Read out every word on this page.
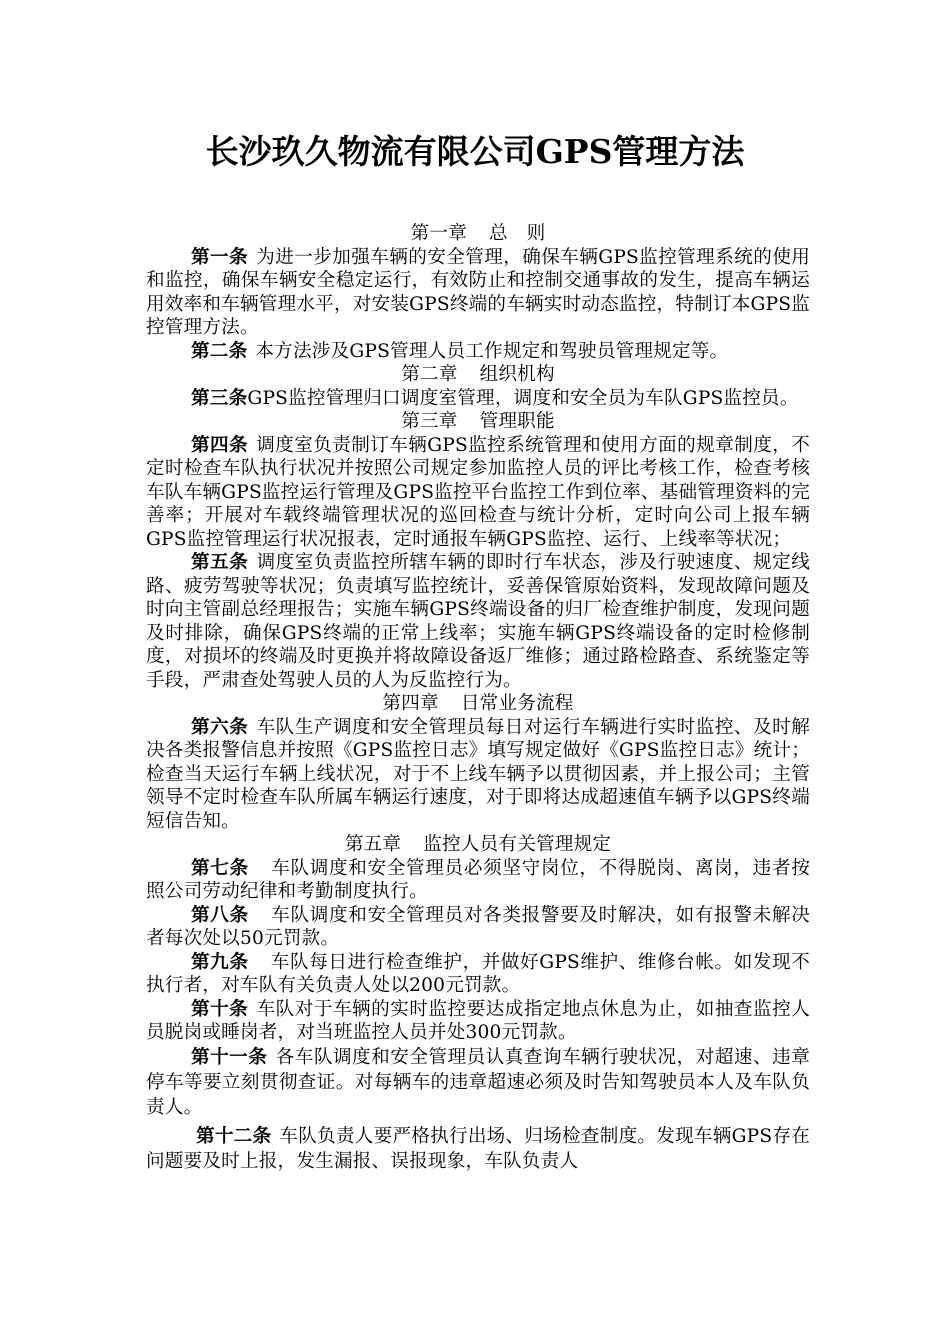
长沙玖久物流有限公司GPS管理方法

第一章 总　则

第一条 为进一步加强车辆的安全管理，确保车辆GPS监控管理系统的使用和监控，确保车辆安全稳定运行，有效防止和控制交通事故的发生，提高车辆运用效率和车辆管理水平，对安装GPS终端的车辆实时动态监控，特制订本GPS监控管理方法。

第二条 本方法涉及GPS管理人员工作规定和驾驶员管理规定等。

第二章 组织机构

第三条GPS监控管理归口调度室管理，调度和安全员为车队GPS监控员。

第三章 管理职能

第四条 调度室负责制订车辆GPS监控系统管理和使用方面的规章制度，不定时检查车队执行状况并按照公司规定参加监控人员的评比考核工作，检查考核车队车辆GPS监控运行管理及GPS监控平台监控工作到位率、基础管理资料的完善率；开展对车载终端管理状况的巡回检查与统计分析，定时向公司上报车辆GPS监控管理运行状况报表，定时通报车辆GPS监控、运行、上线率等状况；

第五条 调度室负责监控所辖车辆的即时行车状态，涉及行驶速度、规定线路、疲劳驾驶等状况；负责填写监控统计，妥善保管原始资料，发现故障问题及时向主管副总经理报告；实施车辆GPS终端设备的归厂检查维护制度，发现问题及时排除，确保GPS终端的正常上线率；实施车辆GPS终端设备的定时检修制度，对损坏的终端及时更换并将故障设备返厂维修；通过路检路查、系统鉴定等手段，严肃查处驾驶人员的人为反监控行为。

第四章 日常业务流程

第六条 车队生产调度和安全管理员每日对运行车辆进行实时监控、及时解决各类报警信息并按照《GPS监控日志》填写规定做好《GPS监控日志》统计；检查当天运行车辆上线状况，对于不上线车辆予以贯彻因素，并上报公司；主管领导不定时检查车队所属车辆运行速度，对于即将达成超速值车辆予以GPS终端短信告知。

第五章 监控人员有关管理规定

第七条 车队调度和安全管理员必须坚守岗位，不得脱岗、离岗，违者按照公司劳动纪律和考勤制度执行。

第八条 车队调度和安全管理员对各类报警要及时解决，如有报警未解决者每次处以50元罚款。

第九条 车队每日进行检查维护，并做好GPS维护、维修台帐。如发现不执行者，对车队有关负责人处以200元罚款。

第十条 车队对于车辆的实时监控要达成指定地点休息为止，如抽查监控人员脱岗或睡岗者，对当班监控人员并处300元罚款。

第十一条 各车队调度和安全管理员认真查询车辆行驶状况，对超速、违章停车等要立刻贯彻查证。对每辆车的违章超速必须及时告知驾驶员本人及车队负责人。

第十二条 车队负责人要严格执行出场、归场检查制度。发现车辆GPS存在问题要及时上报，发生漏报、误报现象，车队负责人
